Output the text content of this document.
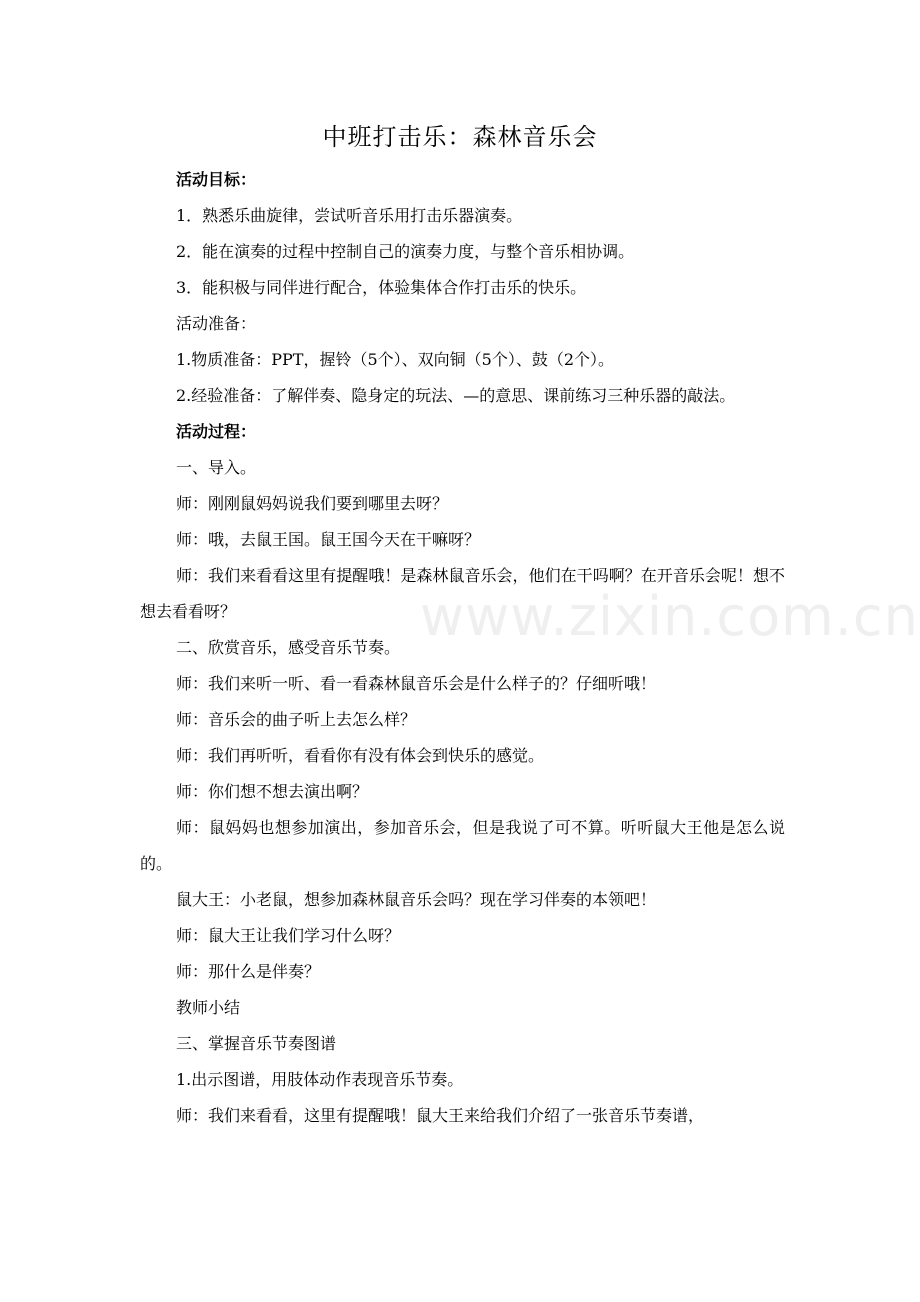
中班打击乐：森林音乐会

活动目标：

1．熟悉乐曲旋律，尝试听音乐用打击乐器演奏。

2．能在演奏的过程中控制自己的演奏力度，与整个音乐相协调。

3．能积极与同伴进行配合，体验集体合作打击乐的快乐。

活动准备：

1.物质准备：PPT，握铃（5个）、双向铜（5个）、鼓（2个）。

2.经验准备：了解伴奏、隐身定的玩法、—的意思、课前练习三种乐器的敲法。

活动过程：

一、导入。

师：刚刚鼠妈妈说我们要到哪里去呀？

师：哦，去鼠王国。鼠王国今天在干嘛呀？

师：我们来看看这里有提醒哦！是森林鼠音乐会，他们在干吗啊？在开音乐会呢！想不想去看看呀？

二、欣赏音乐，感受音乐节奏。

师：我们来听一听、看一看森林鼠音乐会是什么样子的？仔细听哦！

师：音乐会的曲子听上去怎么样？

师：我们再听听，看看你有没有体会到快乐的感觉。

师：你们想不想去演出啊？

师：鼠妈妈也想参加演出，参加音乐会，但是我说了可不算。听听鼠大王他是怎么说的。

鼠大王：小老鼠，想参加森林鼠音乐会吗？现在学习伴奏的本领吧！

师：鼠大王让我们学习什么呀？

师：那什么是伴奏？

教师小结

三、掌握音乐节奏图谱

1.出示图谱，用肢体动作表现音乐节奏。

师：我们来看看，这里有提醒哦！鼠大王来给我们介绍了一张音乐节奏谱，

www.zixin.com.cn
